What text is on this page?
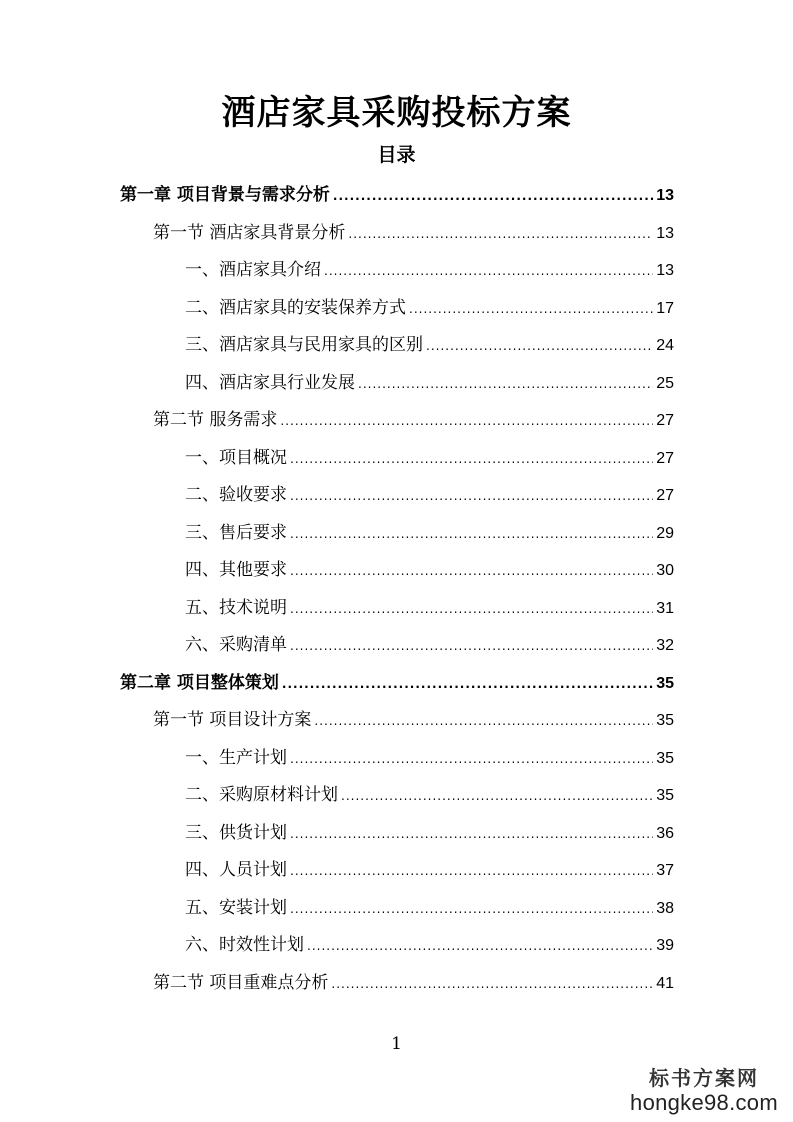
酒店家具采购投标方案
目录
第一章 项目背景与需求分析 .....	13
第一节 酒店家具背景分析 .....	13
一、酒店家具介绍 .....	13
二、酒店家具的安装保养方式 .....	17
三、酒店家具与民用家具的区别 .....	24
四、酒店家具行业发展 .....	25
第二节 服务需求 .....	27
一、项目概况 .....	27
二、验收要求 .....	27
三、售后要求 .....	29
四、其他要求 .....	30
五、技术说明 .....	31
六、采购清单 .....	32
第二章 项目整体策划 .....	35
第一节 项目设计方案 .....	35
一、生产计划 .....	35
二、采购原材料计划 .....	35
三、供货计划 .....	36
四、人员计划 .....	37
五、安装计划 .....	38
六、时效性计划 .....	39
第二节 项目重难点分析 .....	41
1
标书方案网
hongke98.com
